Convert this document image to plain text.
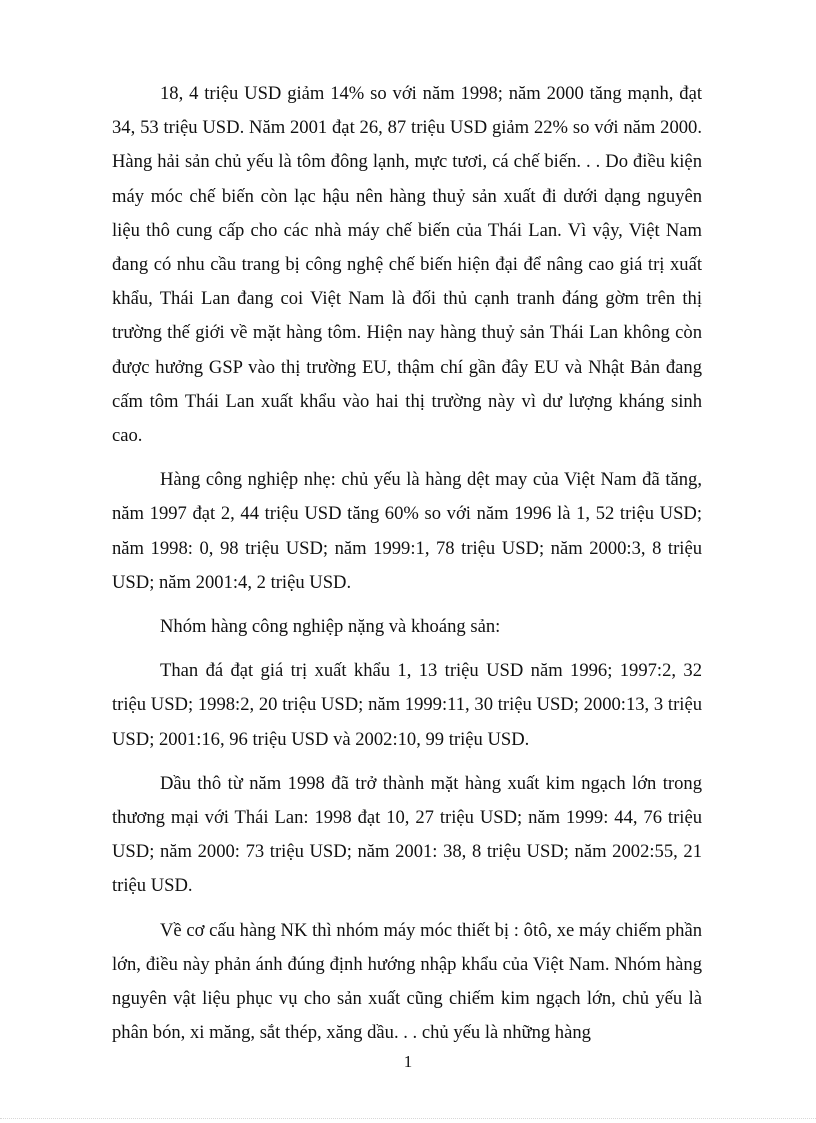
18, 4 triệu USD giảm 14% so với năm 1998; năm 2000 tăng mạnh, đạt 34, 53 triệu USD. Năm 2001 đạt 26, 87 triệu USD giảm 22% so với năm 2000. Hàng hải sản chủ yếu là tôm đông lạnh, mực tươi, cá chế biến. . . Do điều kiện máy móc chế biến còn lạc hậu nên hàng thuỷ sản xuất đi dưới dạng nguyên liệu thô cung cấp cho các nhà máy chế biến của Thái Lan. Vì vậy, Việt Nam đang có nhu cầu trang bị công nghệ chế biến hiện đại để nâng cao giá trị xuất khẩu, Thái Lan đang coi Việt Nam là đối thủ cạnh tranh đáng gờm trên thị trường thế giới về mặt hàng tôm. Hiện nay hàng thuỷ sản Thái Lan không còn được hưởng GSP vào thị trường EU, thậm chí gần đây EU và Nhật Bản đang cấm tôm Thái Lan xuất khẩu vào hai thị trường này vì dư lượng kháng sinh cao.

Hàng công nghiệp nhẹ: chủ yếu là hàng dệt may của Việt Nam đã tăng, năm 1997 đạt 2, 44 triệu USD tăng 60% so với năm 1996 là 1, 52 triệu USD; năm 1998: 0, 98 triệu USD; năm 1999:1, 78 triệu USD; năm 2000:3, 8 triệu USD; năm 2001:4, 2 triệu USD.

Nhóm hàng công nghiệp nặng và khoáng sản:

Than đá đạt giá trị xuất khẩu 1, 13 triệu USD năm 1996; 1997:2, 32 triệu USD; 1998:2, 20 triệu USD; năm 1999:11, 30 triệu USD; 2000:13, 3 triệu USD; 2001:16, 96 triệu USD và 2002:10, 99 triệu USD.

Dầu thô từ năm 1998 đã trở thành mặt hàng xuất kim ngạch lớn trong thương mại với Thái Lan: 1998 đạt 10, 27 triệu USD; năm 1999: 44, 76 triệu USD; năm 2000: 73 triệu USD; năm 2001: 38, 8 triệu USD; năm 2002:55, 21 triệu USD.

Về cơ cấu hàng NK thì nhóm máy móc thiết bị : ôtô, xe máy chiếm phần lớn, điều này phản ánh đúng định hướng nhập khẩu của Việt Nam. Nhóm hàng nguyên vật liệu phục vụ cho sản xuất cũng chiếm kim ngạch lớn, chủ yếu là phân bón, xi măng, sắt thép, xăng dầu. . . chủ yếu là những hàng

1
